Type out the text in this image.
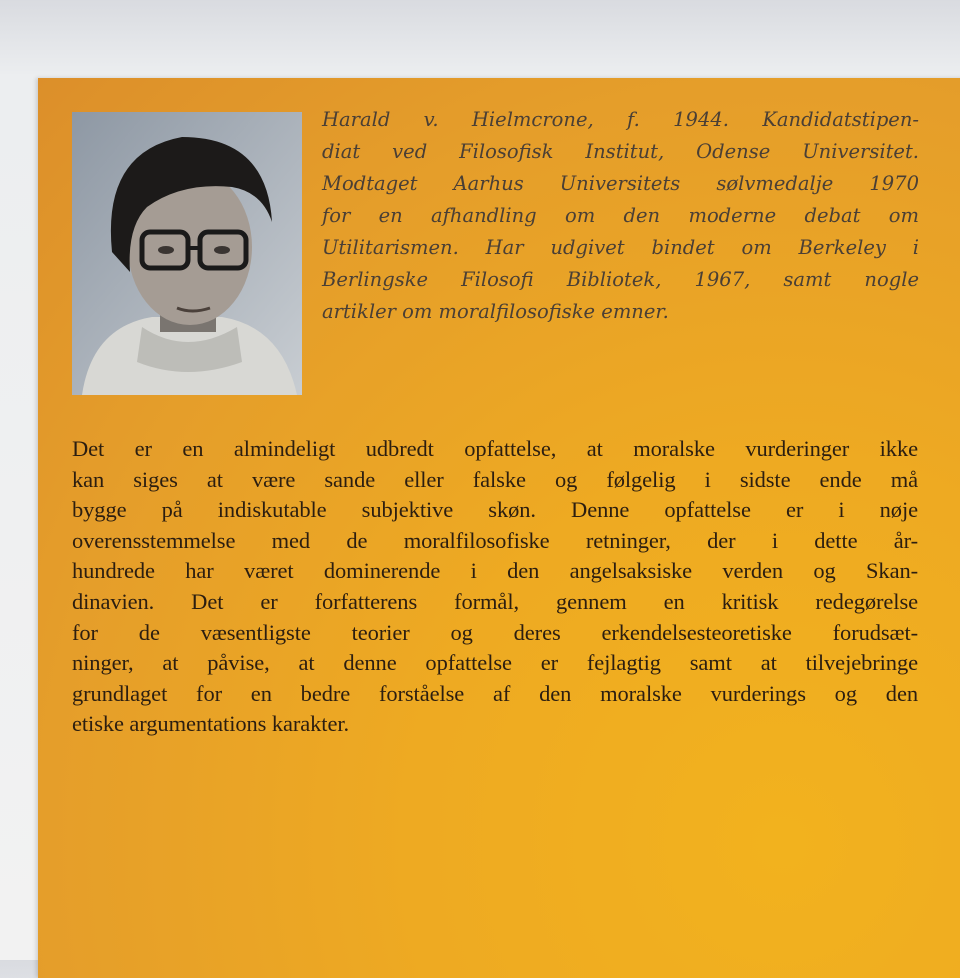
Harald v. Hielmcrone, f. 1944. Kandidatstipen-
diat ved Filosofisk Institut, Odense Universitet.
Modtaget Aarhus Universitets sølvmedalje 1970
for en afhandling om den moderne debat om
Utilitarismen. Har udgivet bindet om Berkeley i
Berlingske Filosofi Bibliotek, 1967, samt nogle
artikler om moralfilosofiske emner.
Det er en almindeligt udbredt opfattelse, at moralske vurderinger ikke
kan siges at være sande eller falske og følgelig i sidste ende må
bygge på indiskutable subjektive skøn. Denne opfattelse er i nøje
overensstemmelse med de moralfilosofiske retninger, der i dette år-
hundrede har været dominerende i den angelsaksiske verden og Skan-
dinavien. Det er forfatterens formål, gennem en kritisk redegørelse
for de væsentligste teorier og deres erkendelsesteoretiske forudsæt-
ninger, at påvise, at denne opfattelse er fejlagtig samt at tilvejebringe
grundlaget for en bedre forståelse af den moralske vurderings og den
etiske argumentations karakter.
